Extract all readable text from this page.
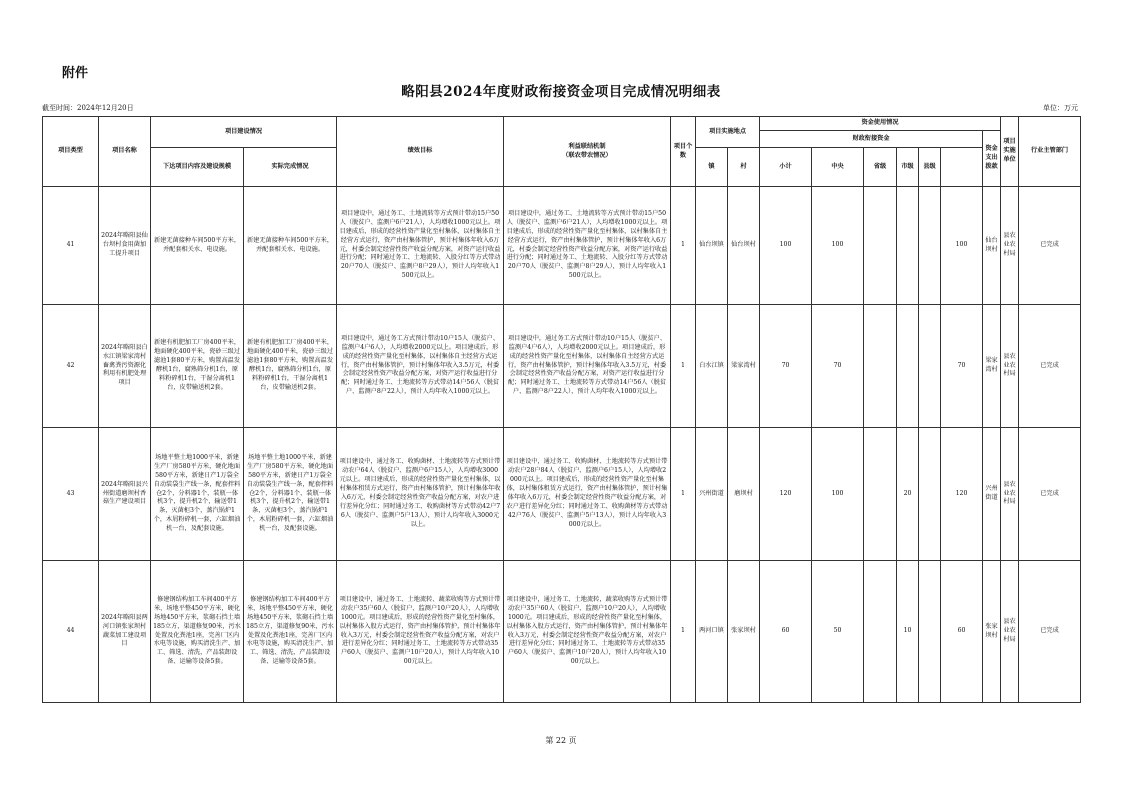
附件
略阳县2024年度财政衔接资金项目完成情况明细表
截至时间：2024年12月20日	单位：万元
项目类型	项目名称	项目建设情况		绩效目标	利益联结机制
（联农带农情况）	项目个数	项目实施地点		资金使用情况							项目实施单位	行业主管部门	
									财政衔接资金						资金支出拨款			
		下达项目内容及建设规模	实际完成情况				镇	村	小计	中央	省级	市级	县级					
41	2024年略阳县仙台坝村食用菌加工提升项目	新建无菌接种车间500平方米，并配套相关水、电设施。	新建无菌接种车间500平方米，并配套相关水、电设施。	项目建设中，通过务工、土地流转等方式预计带动15户50人（脱贫户、监测户6户21人），人均增收1000元以上。项目建成后，形成的经营性资产量化至村集体，以村集体自主经营方式运行，资产由村集体管护，预计村集体年收入6万元，村委会制定经营性资产收益分配方案，对资产运行收益进行分配；同时通过务工、土地流转、入股分红等方式带动20户70人（脱贫户、监测户8户29人），预计人均年收入1500元以上。	项目建设中，通过务工、土地流转等方式预计带动15户50人（脱贫户、监测户6户21人），人均增收1000元以上。项目建成后，形成的经营性资产量化至村集体，以村集体自主经营方式运行，资产由村集体管护，预计村集体年收入6万元，村委会制定经营性资产收益分配方案，对资产运行收益进行分配；同时通过务工、土地流转、入股分红等方式带动20户70人（脱贫户、监测户8户29人），预计人均年收入1500元以上。	1	仙台坝镇	仙台坝村	100	100				100	仙台坝村	县农业农村局	已完成	
42	2024年略阳县白水江镇梁家湾村畜禽粪污资源化利用有机肥处理项目	新建有机肥加工厂房400平米，地面硬化400平米，瓷砂三级过滤池1套80平方米，购置高温发酵机1台，腐熟筛分机1台，原料粉碎机1台，干湿分离机1台，皮带输送机2套。	新建有机肥加工厂房400平米，地面硬化400平米，瓷砂三级过滤池1套80平方米，购置高温发酵机1台，腐熟筛分机1台，原料粉碎机1台，干湿分离机1台，皮带输送机2套。	项目建设中，通过务工方式预计带动10户15人（脱贫户、监测户4户6人），人均增收2000元以上。项目建成后，形成的经营性资产量化至村集体，以村集体自主经营方式运行，资产由村集体管护，预计村集体年收入3.5万元，村委会制定经营性资产收益分配方案，对资产运行收益进行分配；同时通过务工、土地流转等方式带动14户56人（脱贫户、监测户8户22人），预计人均年收入1000元以上。	项目建设中，通过务工方式预计带动10户15人（脱贫户、监测户4户6人），人均增收2000元以上。项目建成后，形成的经营性资产量化至村集体，以村集体自主经营方式运行，资产由村集体管护，预计村集体年收入3.5万元，村委会制定经营性资产收益分配方案，对资产运行收益进行分配；同时通过务工、土地流转等方式带动14户56人（脱贫户、监测户8户22人），预计人均年收入1000元以上。	1	白水江镇	梁家湾村	70	70				70	梁家湾村	县农业农村局	已完成	
43	2024年略阳县兴州街道磨坝村香菇生产建设项目	场地平整土地1000平米，新建生产厂房580平方米，硬化地面580平方米，新建日产1万袋全自动装袋生产线一条，配套拌料仓2个，分料器1个，装瓶一体机3个，提升机2个，输送带1条，灭菌柜3个，蒸汽锅炉1个，木屑粉碎机一套，六缸烟油机一台，及配套设施。	场地平整土地1000平米，新建生产厂房580平方米，硬化地面580平方米，新建日产1万袋全自动装袋生产线一条，配套拌料仓2个，分料器1个，装瓶一体机3个，提升机2个，输送带1条，灭菌柜3个，蒸汽锅炉1个，木屑粉碎机一套，六缸烟油机一台，及配套设施。	项目建设中，通过务工、收购菌材、土地流转等方式预计带动农户64人（脱贫户、监测户6户15人），人均增收3000元以上。项目建成后，形成的经营性资产量化至村集体，以村集体租赁方式运行，资产由村集体管护，预计村集体年收入6万元，村委会制定经营性资产收益分配方案，对农户进行差异化分红；同时通过务工、收购菌材等方式带动42户76人（脱贫户、监测户5户13人），预计人均年收入3000元以上。	项目建设中，通过务工、收购菌材、土地流转等方式预计带动农户28户84人（脱贫户、监测户6户15人），人均增收2000元以上。项目建成后，形成的经营性资产量化至村集体，以村集体租赁方式运行，资产由村集体管护，预计村集体年收入6万元，村委会制定经营性资产收益分配方案，对农户进行差异化分红；同时通过务工、收购菌材等方式带动42户76人（脱贫户、监测户5户13人），预计人均年收入3000元以上。	1	兴州街道	磨坝村	120	100		20		120	兴州街道	县农业农村局	已完成	
44	2024年略阳县两河口镇张家坝村蔬菜加工建设项目	修建钢结构加工车间400平方米，场地平整450平方米，硬化场地450平方米，浆砌石挡土墙185立方，渠道修复90米，污水处置及化粪池1座，完善厂区内水电等设施，购买清洗生产、加工、筛选、清洗，产品装卸设备、运输等设备5套。	修建钢结构加工车间400平方米，场地平整450平方米，硬化场地450平方米，浆砌石挡土墙185立方，渠道修复90米，污水处置及化粪池1座，完善厂区内水电等设施，购买清洗生产、加工、筛选、清洗，产品装卸设备、运输等设备5套。	项目建设中，通过务工、土地流转、蔬菜收购等方式预计带动农户35户60人（脱贫户、监测户10户20人），人均增收1000元。项目建成后，形成的经营性资产量化至村集体，以村集体入股方式运行，资产由村集体管护，预计村集体年收入3万元，村委会制定经营性资产收益分配方案，对农户进行差异化分红；同时通过务工、土地流转等方式带动35户60人（脱贫户、监测户10户20人），预计人均年收入1000元以上。	项目建设中，通过务工、土地流转，蔬菜收购等方式预计带动农户35户60人（脱贫户、监测户10户20人），人均增收1000元。项目建成后，形成的经营性资产量化至村集体，以村集体入股方式运行，资产由村集体管护，预计村集体年收入3万元，村委会制定经营性资产收益分配方案，对农户进行差异化分红；同时通过务工、土地流转等方式带动35户60人（脱贫户、监测户10户20人），预计人均年收入1000元以上。	1	两河口镇	张家坝村	60	50		10		60	张家坝村	县农业农村局	已完成	
第 22 页
